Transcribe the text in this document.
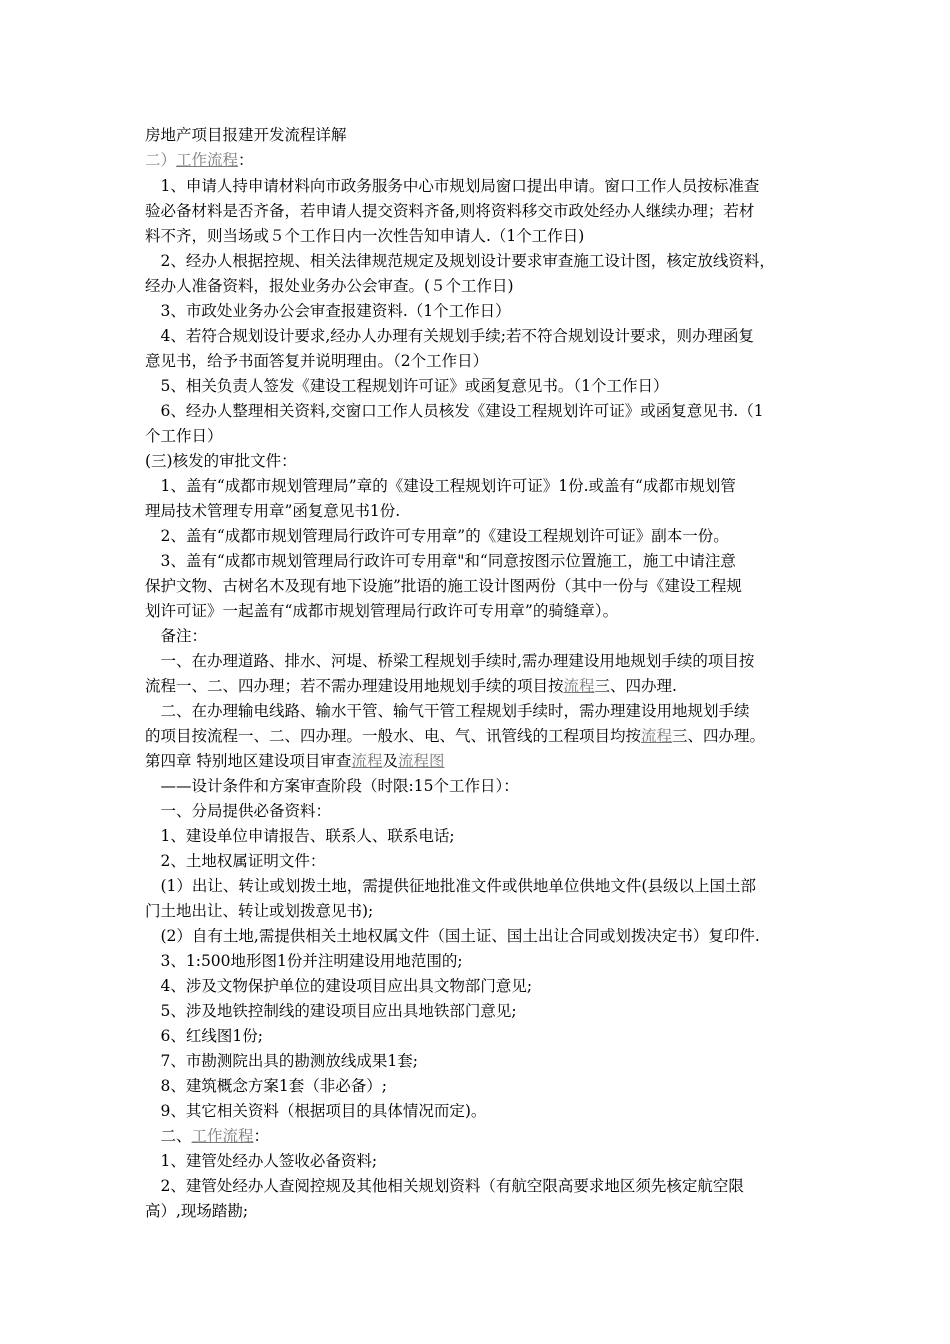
房地产项目报建开发流程详解
二）工作流程：
　1、申请人持申请材料向市政务服务中心市规划局窗口提出申请。窗口工作人员按标准查
验必备材料是否齐备，若申请人提交资料齐备,则将资料移交市政处经办人继续办理；若材
料不齐，则当场或５个工作日内一次性告知申请人.（1个工作日)
　2、经办人根据控规、相关法律规范规定及规划设计要求审查施工设计图，核定放线资料，
经办人准备资料，报处业务办公会审查。(５个工作日)
　3、市政处业务办公会审查报建资料.（1个工作日）
　4、若符合规划设计要求,经办人办理有关规划手续;若不符合规划设计要求，则办理函复
意见书，给予书面答复并说明理由。（2个工作日）
　5、相关负责人签发《建设工程规划许可证》或函复意见书。（1个工作日）
　6、经办人整理相关资料,交窗口工作人员核发《建设工程规划许可证》或函复意见书.（1
个工作日）
(三)核发的审批文件：
　1、盖有“成都市规划管理局”章的《建设工程规划许可证》1份.或盖有“成都市规划管
理局技术管理专用章”函复意见书1份.
　2、盖有“成都市规划管理局行政许可专用章”的《建设工程规划许可证》副本一份。
　3、盖有“成都市规划管理局行政许可专用章"和“同意按图示位置施工，施工中请注意
保护文物、古树名木及现有地下设施”批语的施工设计图两份（其中一份与《建设工程规
划许可证》一起盖有“成都市规划管理局行政许可专用章”的骑缝章）。
　备注：
　一、在办理道路、排水、河堤、桥梁工程规划手续时,需办理建设用地规划手续的项目按
流程一、二、四办理；若不需办理建设用地规划手续的项目按流程三、四办理.
　二、在办理输电线路、输水干管、输气干管工程规划手续时，需办理建设用地规划手续
的项目按流程一、二、四办理。一般水、电、气、讯管线的工程项目均按流程三、四办理。
第四章 特别地区建设项目审查流程及流程图
　——设计条件和方案审查阶段（时限:15个工作日）：
　一、分局提供必备资料：
　1、建设单位申请报告、联系人、联系电话;
　2、土地权属证明文件：
　(1）出让、转让或划拨土地，需提供征地批准文件或供地单位供地文件(县级以上国土部
门土地出让、转让或划拨意见书);
　(2）自有土地,需提供相关土地权属文件（国土证、国土出让合同或划拨决定书）复印件.
　3、1:500地形图1份并注明建设用地范围的;
　4、涉及文物保护单位的建设项目应出具文物部门意见;
　5、涉及地铁控制线的建设项目应出具地铁部门意见;
　6、红线图1份;
　7、市勘测院出具的勘测放线成果1套;
　8、建筑概念方案1套（非必备）;
　9、其它相关资料（根据项目的具体情况而定)。
　二、工作流程：
　1、建管处经办人签收必备资料;
　2、建管处经办人查阅控规及其他相关规划资料（有航空限高要求地区须先核定航空限
高）,现场踏勘;
